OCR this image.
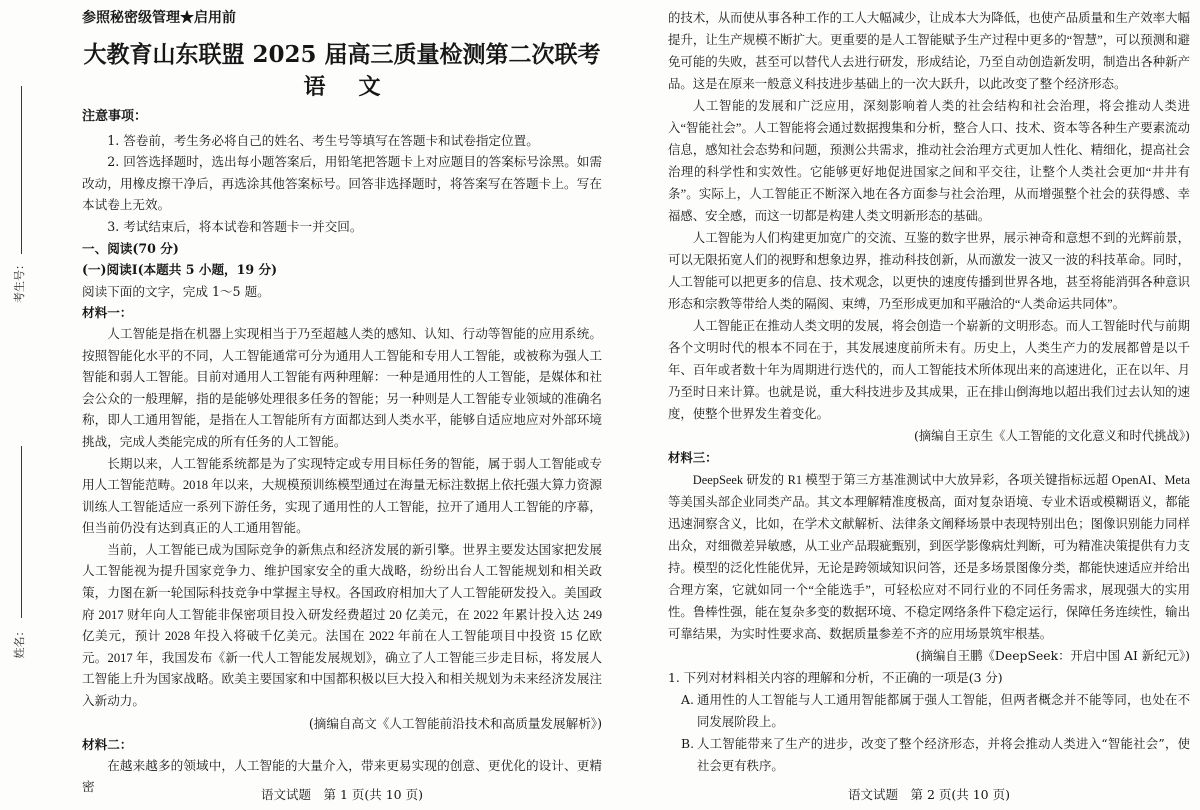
考生号：
姓名：
参照秘密级管理★启用前
大教育山东联盟 2025 届高三质量检测第二次联考
语文
注意事项：
1. 答卷前，考生务必将自己的姓名、考生号等填写在答题卡和试卷指定位置。
2. 回答选择题时，选出每小题答案后，用铅笔把答题卡上对应题目的答案标号涂黑。如需改动，用橡皮擦干净后，再选涂其他答案标号。回答非选择题时，将答案写在答题卡上。写在本试卷上无效。
3. 考试结束后，将本试卷和答题卡一并交回。
一、阅读(70 分)
(一)阅读Ⅰ(本题共 5 小题，19 分)
阅读下面的文字，完成 1～5 题。
材料一：
人工智能是指在机器上实现相当于乃至超越人类的感知、认知、行动等智能的应用系统。按照智能化水平的不同，人工智能通常可分为通用人工智能和专用人工智能，或被称为强人工智能和弱人工智能。目前对通用人工智能有两种理解：一种是通用性的人工智能，是媒体和社会公众的一般理解，指的是能够处理很多任务的智能；另一种则是人工智能专业领域的准确名称，即人工通用智能，是指在人工智能所有方面都达到人类水平，能够自适应地应对外部环境挑战，完成人类能完成的所有任务的人工智能。
长期以来，人工智能系统都是为了实现特定或专用目标任务的智能，属于弱人工智能或专用人工智能范畴。2018 年以来，大规模预训练模型通过在海量无标注数据上依托强大算力资源训练人工智能适应一系列下游任务，实现了通用性的人工智能，拉开了通用人工智能的序幕，但当前仍没有达到真正的人工通用智能。
当前，人工智能已成为国际竞争的新焦点和经济发展的新引擎。世界主要发达国家把发展人工智能视为提升国家竞争力、维护国家安全的重大战略，纷纷出台人工智能规划和相关政策，力图在新一轮国际科技竞争中掌握主导权。各国政府相加大了人工智能研发投入。美国政府 2017 财年向人工智能非保密项目投入研发经费超过 20 亿美元，在 2022 年累计投入达 249 亿美元，预计 2028 年投入将破千亿美元。法国在 2022 年前在人工智能项目中投资 15 亿欧元。2017 年，我国发布《新一代人工智能发展规划》，确立了人工智能三步走目标，将发展人工智能上升为国家战略。欧美主要国家和中国都积极以巨大投入和相关规划为未来经济发展注入新动力。
(摘编自高文《人工智能前沿技术和高质量发展解析》)
材料二：
在越来越多的领域中，人工智能的大量介入，带来更易实现的创意、更优化的设计、更精密	语文试题　第 1 页(共 10 页)
的技术，从而使从事各种工作的工人大幅减少，让成本大为降低，也使产品质量和生产效率大幅提升，让生产规模不断扩大。更重要的是人工智能赋予生产过程中更多的“智慧”，可以预测和避免可能的失败，甚至可以替代人去进行研发，形成结论，乃至自动创造新发明，制造出各种新产品。这是在原来一般意义科技进步基础上的一次大跃升，以此改变了整个经济形态。
人工智能的发展和广泛应用，深刻影响着人类的社会结构和社会治理，将会推动人类进入“智能社会”。人工智能将会通过数据搜集和分析，整合人口、技术、资本等各种生产要素流动信息，感知社会态势和问题，预测公共需求，推动社会治理方式更加人性化、精细化，提高社会治理的科学性和实效性。它能够更好地促进国家之间和平交往，让整个人类社会更加“井井有条”。实际上，人工智能正不断深入地在各方面参与社会治理，从而增强整个社会的获得感、幸福感、安全感，而这一切都是构建人类文明新形态的基础。
人工智能为人们构建更加宽广的交流、互鉴的数字世界，展示神奇和意想不到的光辉前景，可以无限拓宽人们的视野和想象边界，推动科技创新，从而激发一波又一波的科技革命。同时，人工智能可以把更多的信息、技术观念，以更快的速度传播到世界各地，甚至将能消弭各种意识形态和宗教等带给人类的隔阂、束缚，乃至形成更加和平融洽的“人类命运共同体”。
人工智能正在推动人类文明的发展，将会创造一个崭新的文明形态。而人工智能时代与前期各个文明时代的根本不同在于，其发展速度前所未有。历史上，人类生产力的发展都曾是以千年、百年或者数十年为周期进行迭代的，而人工智能技术所体现出来的高速进化，正在以年、月乃至时日来计算。也就是说，重大科技进步及其成果，正在排山倒海地以超出我们过去认知的速度，使整个世界发生着变化。
(摘编自王京生《人工智能的文化意义和时代挑战》)
材料三：
DeepSeek 研发的 R1 模型于第三方基准测试中大放异彩，各项关键指标远超 OpenAI、Meta 等美国头部企业同类产品。其文本理解精准度极高，面对复杂语境、专业术语或模糊语义，都能迅速洞察含义，比如，在学术文献解析、法律条文阐释场景中表现特别出色；图像识别能力同样出众，对细微差异敏感，从工业产品瑕疵甄别，到医学影像病灶判断，可为精准决策提供有力支持。模型的泛化性能优异，无论是跨领域知识问答，还是多场景图像分类，都能快速适应并给出合理方案，它就如同一个“全能选手”，可轻松应对不同行业的不同任务需求，展现强大的实用性。鲁棒性强，能在复杂多变的数据环境、不稳定网络条件下稳定运行，保障任务连续性，输出可靠结果，为实时性要求高、数据质量参差不齐的应用场景筑牢根基。
(摘编自王鹏《DeepSeek：开启中国 AI 新纪元》)
1. 下列对材料相关内容的理解和分析，不正确的一项是(3 分)
A. 通用性的人工智能与人工通用智能都属于强人工智能，但两者概念并不能等同，也处在不同发展阶段上。
B. 人工智能带来了生产的进步，改变了整个经济形态，并将会推动人类进入“智能社会”，使社会更有秩序。
语文试题　第 2 页(共 10 页)
